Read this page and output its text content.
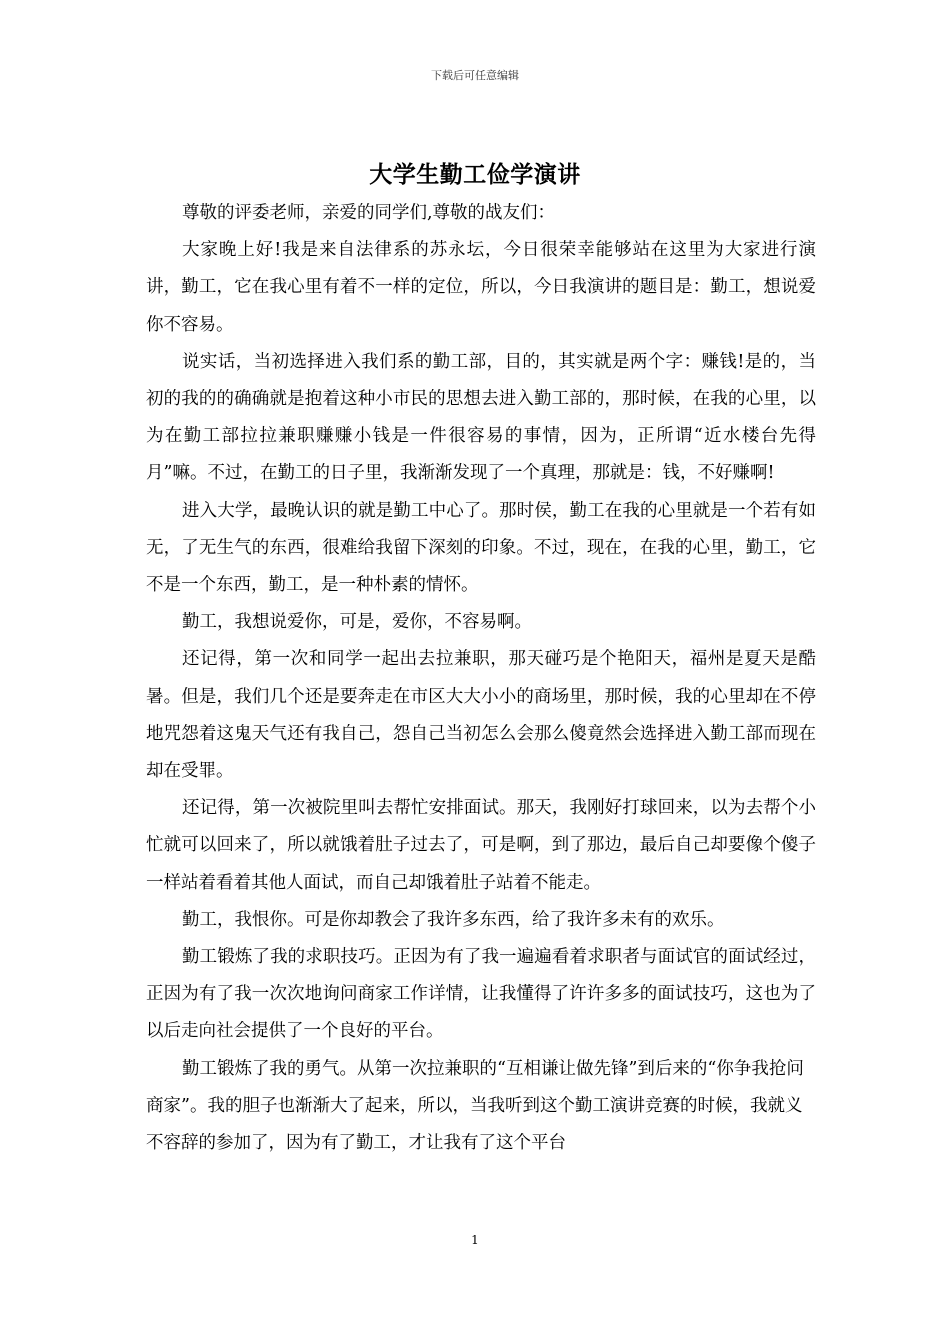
下载后可任意编辑
大学生勤工俭学演讲

尊敬的评委老师，亲爱的同学们,尊敬的战友们：

大家晚上好!我是来自法律系的苏永坛，今日很荣幸能够站在这里为大家进行演讲，勤工，它在我心里有着不一样的定位，所以，今日我演讲的题目是：勤工，想说爱你不容易。

说实话，当初选择进入我们系的勤工部，目的，其实就是两个字：赚钱!是的，当初的我的的确确就是抱着这种小市民的思想去进入勤工部的，那时候，在我的心里，以为在勤工部拉拉兼职赚赚小钱是一件很容易的事情，因为，正所谓“近水楼台先得月”嘛。不过，在勤工的日子里，我渐渐发现了一个真理，那就是：钱，不好赚啊!

进入大学，最晚认识的就是勤工中心了。那时侯，勤工在我的心里就是一个若有如无，了无生气的东西，很难给我留下深刻的印象。不过，现在，在我的心里，勤工，它不是一个东西，勤工，是一种朴素的情怀。

勤工，我想说爱你，可是，爱你，不容易啊。

还记得，第一次和同学一起出去拉兼职，那天碰巧是个艳阳天，福州是夏天是酷暑。但是，我们几个还是要奔走在市区大大小小的商场里，那时候，我的心里却在不停地咒怨着这鬼天气还有我自己，怨自己当初怎么会那么傻竟然会选择进入勤工部而现在却在受罪。

还记得，第一次被院里叫去帮忙安排面试。那天，我刚好打球回来，以为去帮个小忙就可以回来了，所以就饿着肚子过去了，可是啊，到了那边，最后自己却要像个傻子一样站着看着其他人面试，而自己却饿着肚子站着不能走。

勤工，我恨你。可是你却教会了我许多东西，给了我许多未有的欢乐。

勤工锻炼了我的求职技巧。正因为有了我一遍遍看着求职者与面试官的面试经过，正因为有了我一次次地询问商家工作详情，让我懂得了许许多多的面试技巧，这也为了以后走向社会提供了一个良好的平台。

勤工锻炼了我的勇气。从第一次拉兼职的“互相谦让做先锋”到后来的“你争我抢问商家”。我的胆子也渐渐大了起来，所以，当我听到这个勤工演讲竞赛的时候，我就义不容辞的参加了，因为有了勤工，才让我有了这个平台

1
